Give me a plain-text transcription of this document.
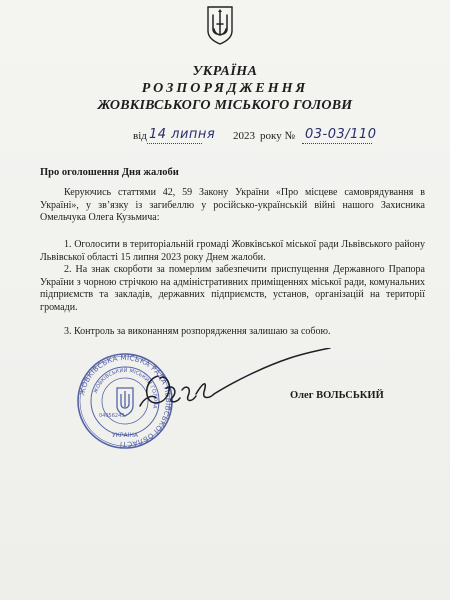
УКРАЇНА
РОЗПОРЯДЖЕННЯ
ЖОВКІВСЬКОГО МІСЬКОГО ГОЛОВИ
від 14 липня 2023 року № 03-03/110
Про оголошення Дня жалоби
Керуючись статтями 42, 59 Закону України «Про місцеве самоврядування в Україні», у зв’язку із загибеллю у російсько-українській війні нашого Захисника Омельчука Олега Кузьмича:
1. Оголосити в територіальній громаді Жовківської міської ради Львівського району Львівської області 15 липня 2023 року Днем жалоби.
2. На знак скорботи за померлим забезпечити приспущення Державного Прапора України з чорною стрічкою на адміністративних приміщеннях міської ради, комунальних підприємств та закладів, державних підприємств, установ, організацій на території громади.
3. Контроль за виконанням розпорядження залишаю за собою.
ЖОВКІВСЬКА МІСЬКА РАДА ЛЬВІВСЬКОЇ ОБЛАСТІ
ЖОВКІВСЬКИЙ МІСЬКИЙ ГОЛОВА
УКРАЇНА
04056243
Олег ВОЛЬСЬКИЙ
